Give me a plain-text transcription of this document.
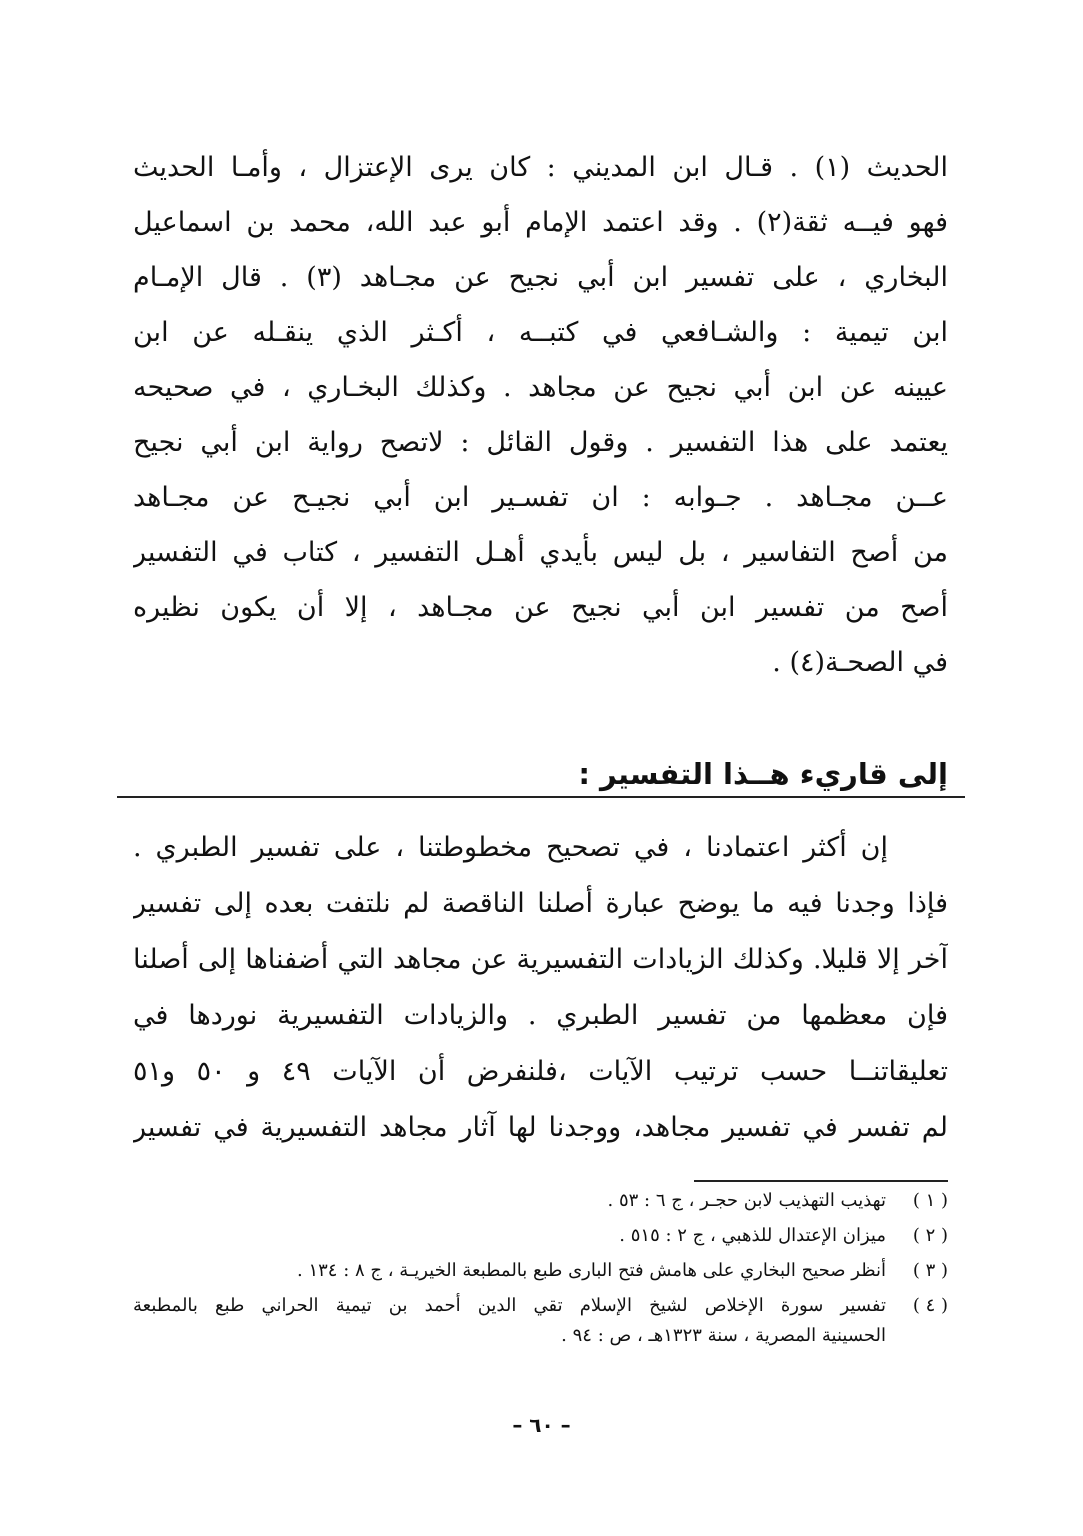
الحديث (١) . قـال ابن المديني : كان يرى الإعتزال ، وأمـا الحديث
فهو فيــه ثقة(٢) . وقد اعتمد الإمام أبو عبد الله، محمد بن اسماعيل
البخاري ، على تفسير ابن أبي نجيح عن مجـاهد (٣) . قال الإمـام
ابن تيمية : والشـافعي في كتبــه ، أكـثر الذي ينقـله عن ابن
عيينه عن ابن أبي نجيح عن مجاهد . وكذلك البخـاري ، في صحيحه
يعتمد على هذا التفسير . وقول القائل : لاتصح رواية ابن أبي نجيح
عــن مجـاهد . جـوابه : ان تفسـير ابن أبي نجيـح عن مجـاهد
من أصح التفاسير ، بل ليس بأيدي أهـل التفسير ، كتاب في التفسير
أصح من تفسير ابن أبي نجيح عن مجـاهد ، إلا أن يكون نظيره
في الصحـة(٤) .
إلى قاريء هــذا التفسير :
إن أكثر اعتمادنا ، في تصحيح مخطوطتنا ، على تفسير الطبري .
فإذا وجدنا فيه ما يوضح عبارة أصلنا الناقصة لم نلتفت بعده إلى تفسير
آخر إلا قليلا. وكذلك الزيادات التفسيرية عن مجاهد التي أضفناها إلى أصلنا
فإن معظمها من تفسير الطبري . والزيادات التفسيرية نوردها في
تعليقاتنــا حسب ترتيب الآيات ،فلنفرض أن الآيات ٤٩ و ٥٠ و٥١
لم تفسر في تفسير مجاهد، ووجدنا لها آثار مجاهد التفسيرية في تفسير
( ١ )
تهذيب التهذيب لابن حجـر ، ج ٦ : ٥٣ .
( ٢ )
ميزان الإعتدال للذهبي ، ج ٢ : ٥١٥ .
( ٣ )
أنظر صحيح البخاري على هامش فتح البارى طبع بالمطبعة الخيريـة ، ج ٨ : ١٣٤ .
( ٤ )
تفسير سورة الإخلاص لشيخ الإسلام تقي الدين أحمد بن تيمية الحراني طبع بالمطبعة
الحسينية المصرية ، سنة ١٣٢٣هـ ، ص : ٩٤ .
– ٦٠ –
